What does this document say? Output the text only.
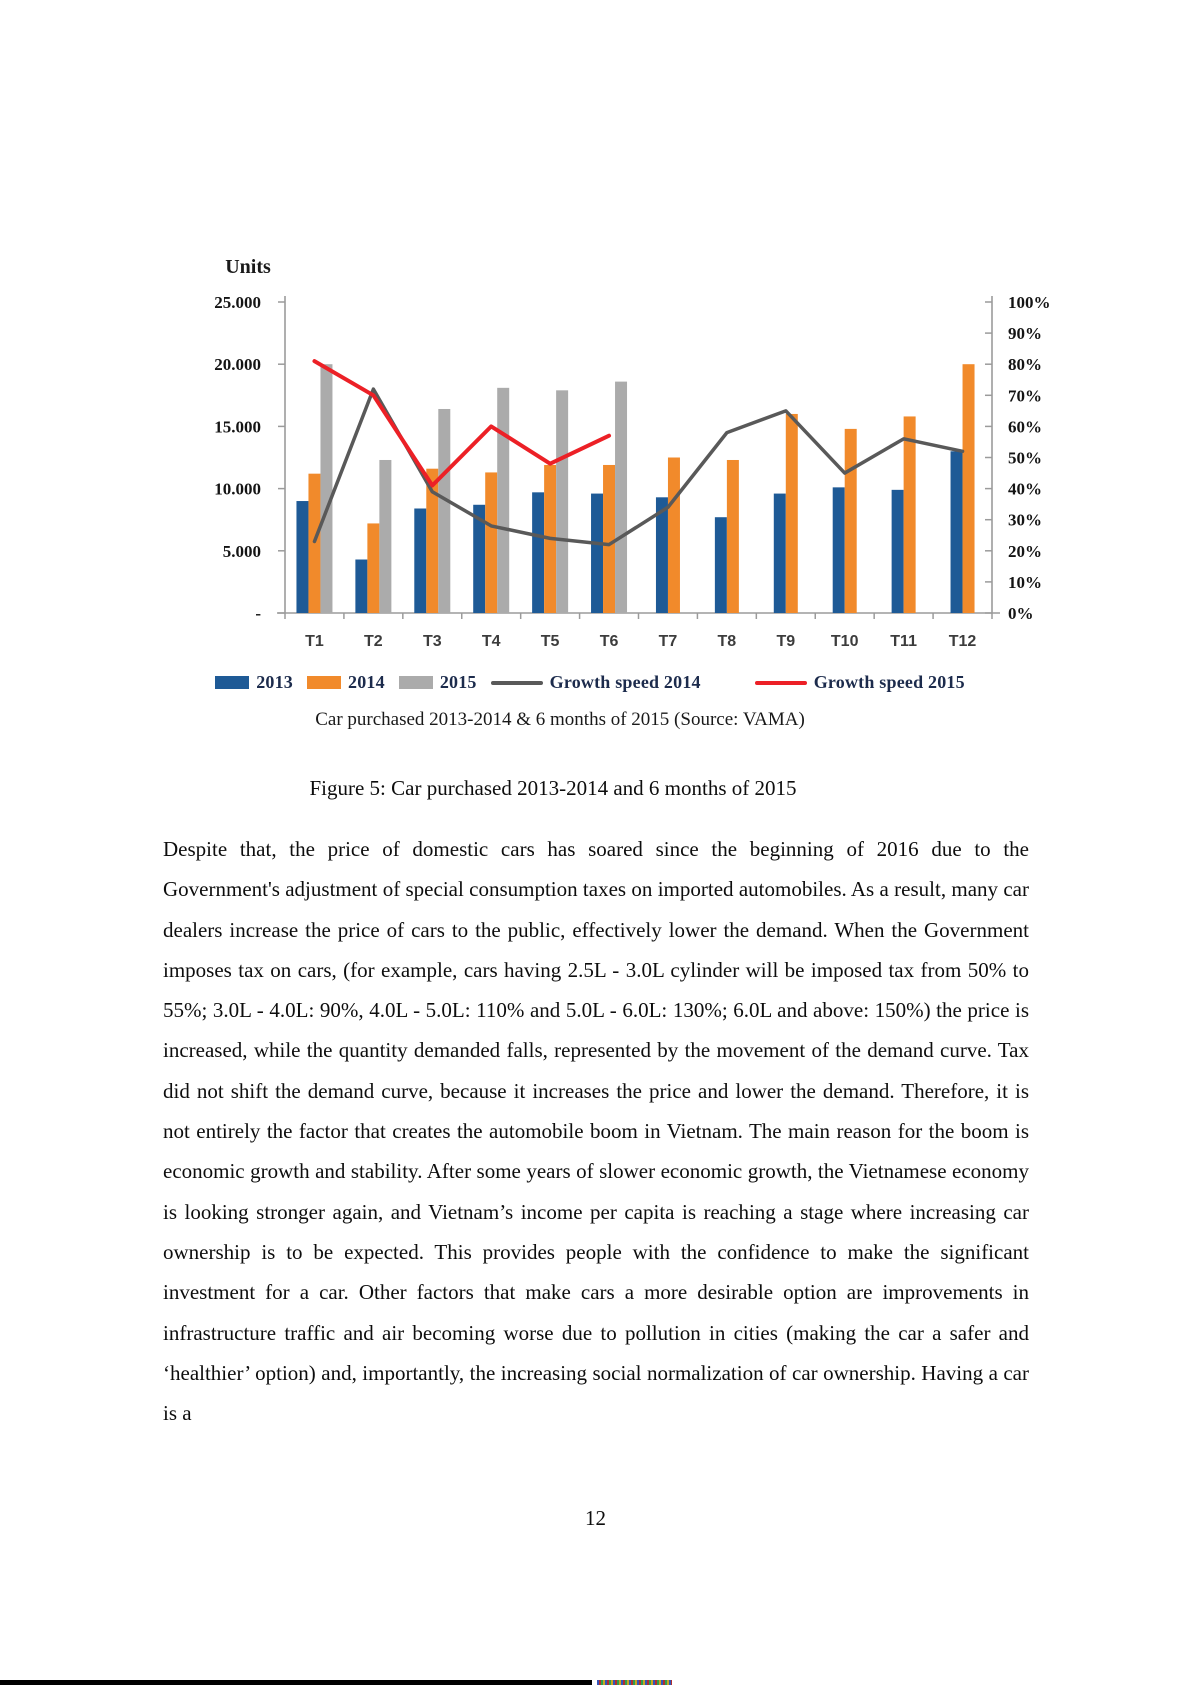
Units
25.000
20.000
15.000
10.000
5.000
-
100%
90%
80%
70%
60%
50%
40%
30%
20%
10%
0%
T1	T2	T3	T4	T5	T6	T7	T8	T9 T10 T11 T12
2013	2014	2015	Growth speed 2014	Growth speed 2015
Car purchased 2013-2014 & 6 months of 2015 (Source: VAMA)
Figure 5: Car purchased 2013-2014 and 6 months of 2015
Despite that, the price of domestic cars has soared since the beginning of 2016 due to the Government's adjustment of special consumption taxes on imported automobiles. As a result, many car dealers increase the price of cars to the public, effectively lower the demand. When the Government imposes tax on cars, (for example, cars having 2.5L - 3.0L cylinder will be imposed tax from 50% to 55%; 3.0L - 4.0L: 90%, 4.0L - 5.0L: 110% and 5.0L - 6.0L: 130%; 6.0L and above: 150%) the price is increased, while the quantity demanded falls, represented by the movement of the demand curve. Tax did not shift the demand curve, because it increases the price and lower the demand. Therefore, it is not entirely the factor that creates the automobile boom in Vietnam. The main reason for the boom is economic growth and stability. After some years of slower economic growth, the Vietnamese economy is looking stronger again, and Vietnam’s income per capita is reaching a stage where increasing car ownership is to be expected. This provides people with the confidence to make the significant investment for a car. Other factors that make cars a more desirable option are improvements in infrastructure traffic and air becoming worse due to pollution in cities (making the car a safer and ‘healthier’ option) and, importantly, the increasing social normalization of car ownership. Having a car is a
12
